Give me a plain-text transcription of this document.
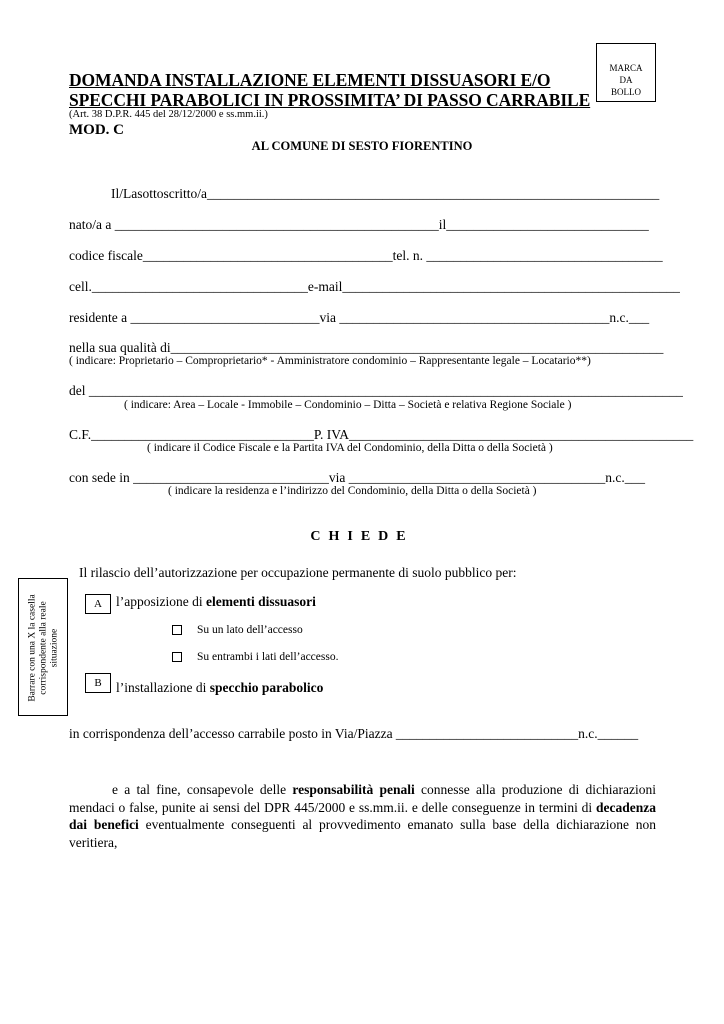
MARCA
DA
BOLLO
DOMANDA INSTALLAZIONE ELEMENTI DISSUASORI E/O
SPECCHI PARABOLICI IN PROSSIMITA’ DI PASSO CARRABILE
(Art. 38 D.P.R. 445 del 28/12/2000 e ss.mm.ii.)
MOD. C
AL COMUNE DI SESTO FIORENTINO
Il/Lasottoscritto/a___________________________________________________________________
nato/a a ________________________________________________il______________________________
codice fiscale_____________________________________tel. n. ___________________________________
cell.________________________________e-mail__________________________________________________
residente a ____________________________via ________________________________________n.c.___
nella sua qualità di_________________________________________________________________________
( indicare: Proprietario – Comproprietario* - Amministratore condominio – Rappresentante legale – Locatario**)
del ________________________________________________________________________________________
( indicare: Area – Locale - Immobile – Condominio – Ditta – Società e relativa Regione Sociale )
C.F._________________________________P. IVA___________________________________________________
( indicare il Codice Fiscale e la Partita IVA del Condominio, della Ditta o della Società )
con sede in _____________________________via ______________________________________n.c.___
( indicare la residenza e l’indirizzo del Condominio, della Ditta o della Società )
CHIEDE
Il rilascio dell’autorizzazione per occupazione permanente di suolo pubblico per:
Barrare con una X la casella corrispondente alla reale situazione
A	l’apposizione di elementi dissuasori
Su un lato dell’accesso
Su entrambi i lati dell’accesso.
B	l’installazione di specchio parabolico
in corrispondenza dell’accesso carrabile posto in Via/Piazza ___________________________n.c.______
e a tal fine, consapevole delle responsabilità penali connesse alla produzione di dichiarazioni mendaci o false, punite ai sensi del DPR 445/2000 e ss.mm.ii. e delle conseguenze in termini di decadenza dai benefici eventualmente conseguenti al provvedimento emanato sulla base della dichiarazione non veritiera,
